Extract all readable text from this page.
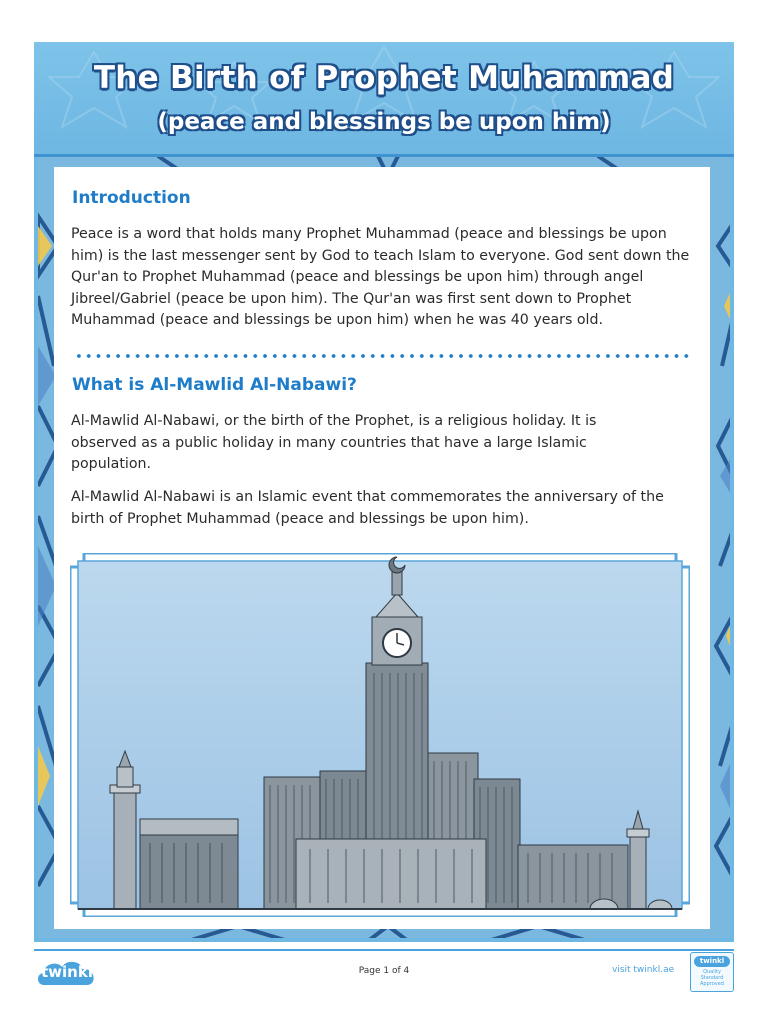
The Birth of Prophet Muhammad
(peace and blessings be upon him)
Introduction
Peace is a word that holds many Prophet Muhammad (peace and blessings be upon him) is the last messenger sent by God to teach Islam to everyone. God sent down the Qur'an to Prophet Muhammad (peace and blessings be upon him) through angel Jibreel/Gabriel (peace be upon him). The Qur'an was first sent down to Prophet Muhammad (peace and blessings be upon him) when he was 40 years old.
What is Al-Mawlid Al-Nabawi?
Al-Mawlid Al-Nabawi, or the birth of the Prophet, is a religious holiday. It is observed as a public holiday in many countries that have a large Islamic population.
Al-Mawlid Al-Nabawi is an Islamic event that commemorates the anniversary of the birth of Prophet Muhammad (peace and blessings be upon him).
twinkl	Page 1 of 4	visit twinkl.ae
twinkl
Quality Standard Approved
